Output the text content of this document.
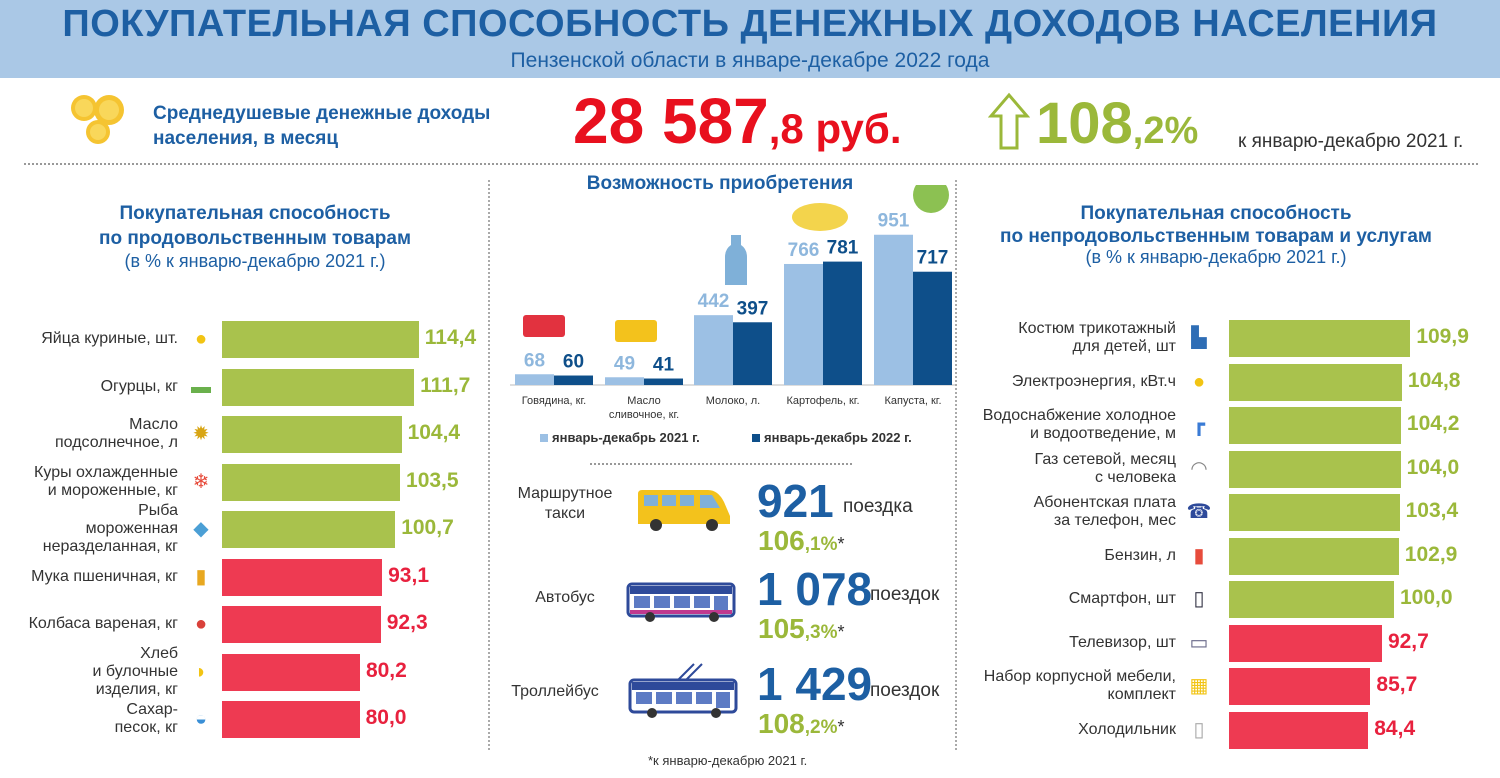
ПОКУПАТЕЛЬНАЯ СПОСОБНОСТЬ ДЕНЕЖНЫХ ДОХОДОВ НАСЕЛЕНИЯ
Пензенской области в январе-декабре 2022 года
Среднедушевые денежные доходы
населения, в месяц	28 587,8 руб. 108,2% к январю-декабрю 2021 г.
Покупательная способность
по продовольственным товарам
(в % к январю-декабрю 2021 г.)
Яйца куриные, шт. ●	114,4
Огурцы, кг ▬	111,7
Масло
подсолнечное, л ✹	104,4
Куры охлажденные
и мороженные, кг ❄	103,5
Рыба
мороженная
неразделанная, кг
◆	100,7
Мука пшеничная, кг ▮	93,1
Колбаса вареная, кг ●	92,3
Хлеб
и булочные
изделия, кг
◗	80,2
Сахар-
песок, кг ◒	80,0
Возможность приобретения
68	49
442
766
951
60	41
397
781	717
Говядина, кг.	Масло
сливочное, кг.
Молоко, л.	Картофель, кг.	Капуста, кг.
январь-декабрь 2021 г.	январь-декабрь 2022 г.
Маршрутное
такси	921 поездка
106,1%*
Автобус	1 078
поездок
105,3%*
Троллейбус	1 429
поездок
108,2%*
*к январю-декабрю 2021 г.
Покупательная способность
по непродовольственным товарам и услугам
(в % к январю-декабрю 2021 г.)
Костюм трикотажный
для детей, шт ▙	109,9
Электроэнергия, кВт.ч ●	104,8
Водоснабжение холодное
и водоотведение, м ┏	104,2
Газ сетевой, месяц
с человека ◠	104,0
Абонентская плата
за телефон, мес ☎	103,4
Бензин, л ▮	102,9
Смартфон, шт ▯	100,0
Телевизор, шт ▭	92,7
Набор корпусной мебели,
комплект ▦	85,7
Холодильник ▯	84,4
